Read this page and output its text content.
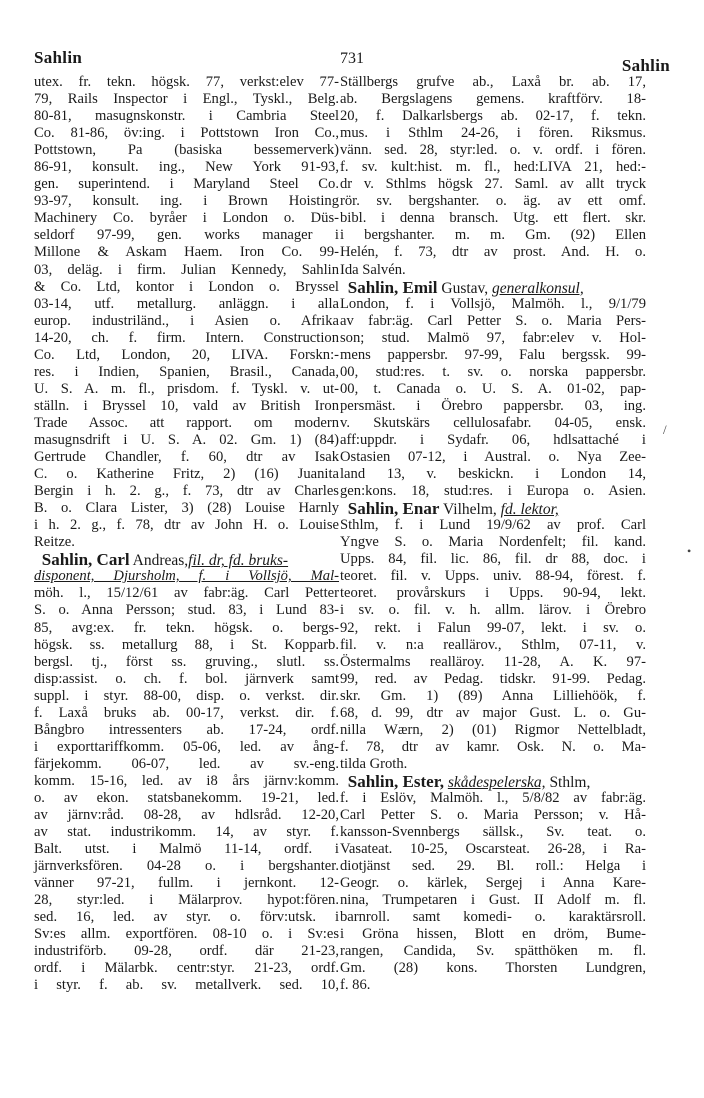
Sahlin	731	Sahlin
utex. fr. tekn. högsk. 77, verkst:elev 77-
79, Rails Inspector i Engl., Tyskl., Belg.
80-81, masugnskonstr. i Cambria Steel
Co. 81-86, öv:ing. i Pottstown Iron Co.,
Pottstown, Pa (basiska bessemerverk)
86-91, konsult. ing., New York 91-93,
gen. superintend. i Maryland Steel Co.
93-97, konsult. ing. i Brown Hoisting
Machinery Co. byråer i London o. Düs-
seldorf 97-99, gen. works manager i
Millone & Askam Haem. Iron Co. 99-
03, deläg. i firm. Julian Kennedy, Sahlin
& Co. Ltd, kontor i London o. Bryssel
03-14, utf. metallurg. anläggn. i alla
europ. industriländ., i Asien o. Afrika
14-20, ch. f. firm. Intern. Construction
Co. Ltd, London, 20, LIVA. Forskn:-
res. i Indien, Spanien, Brasil., Canada,
U. S. A. m. fl., prisdom. f. Tyskl. v. ut-
ställn. i Bryssel 10, vald av British Iron
Trade Assoc. att rapport. om modern
masugnsdrift i U. S. A. 02. Gm. 1) (84)
Gertrude Chandler, f. 60, dtr av Isak
C. o. Katherine Fritz, 2) (16) Juanita
Bergin i h. 2. g., f. 73, dtr av Charles
B. o. Clara Lister, 3) (28) Louise Harnly
i h. 2. g., f. 78, dtr av John H. o. Louise
Reitze.
Sahlin, Carl Andreas,fil. dr, fd. bruks-
disponent, Djursholm, f. i Vollsjö, Mal-
möh. l., 15/12/61 av fabr:äg. Carl Petter
S. o. Anna Persson; stud. 83, i Lund 83-
85, avg:ex. fr. tekn. högsk. o. bergs-
högsk. ss. metallurg 88, i St. Kopparb.
bergsl. tj., först ss. gruving., slutl. ss.
disp:assist. o. ch. f. bol. järnverk samt
suppl. i styr. 88-00, disp. o. verkst. dir.
f. Laxå bruks ab. 00-17, verkst. dir. f.
Bångbro intressenters ab. 17-24, ordf.
i exporttariffkomm. 05-06, led. av ång-
färjekomm. 06-07, led. av sv.-eng.
komm. 15-16, led. av i8 års järnv:komm.
o. av ekon. statsbanekomm. 19-21, led.
av järnv:råd. 08-28, av hdlsråd. 12-20,
av stat. industrikomm. 14, av styr. f.
Balt. utst. i Malmö 11-14, ordf. i
järnverksfören. 04-28 o. i bergshanter.
vänner 97-21, fullm. i jernkont. 12-
28, styr:led. i Mälarprov. hypot:fören.
sed. 16, led. av styr. o. förv:utsk. i
Sv:es allm. exportfören. 08-10 o. i Sv:es
industriförb. 09-28, ordf. där 21-23,
ordf. i Mälarbk. centr:styr. 21-23, ordf.
i styr. f. ab. sv. metallverk. sed. 10,
Ställbergs grufve ab., Laxå br. ab. 17,
ab. Bergslagens gemens. kraftförv. 18-
20, f. Dalkarlsbergs ab. 02-17, f. tekn.
mus. i Sthlm 24-26, i fören. Riksmus.
vänn. sed. 28, styr:led. o. v. ordf. i fören.
f. sv. kult:hist. m. fl., hed:LIVA 21, hed:-
dr v. Sthlms högsk 27. Saml. av allt tryck
rör. sv. bergshanter. o. äg. av ett omf.
bibl. i denna bransch. Utg. ett flert. skr.
i bergshanter. m. m. Gm. (92) Ellen
Helén, f. 73, dtr av prost. And. H. o.
Ida Salvén.
Sahlin, Emil Gustav, generalkonsul,
London, f. i Vollsjö, Malmöh. l., 9/1/79
av fabr:äg. Carl Petter S. o. Maria Pers-
son; stud. Malmö 97, fabr:elev v. Hol-
mens pappersbr. 97-99, Falu bergssk. 99-
00, stud:res. t. sv. o. norska pappersbr.
00, t. Canada o. U. S. A. 01-02, pap-
persmäst. i Örebro pappersbr. 03, ing.
v. Skutskärs cellulosafabr. 04-05, ensk.
aff:uppdr. i Sydafr. 06, hdlsattaché i
Ostasien 07-12, i Austral. o. Nya Zee-
land 13, v. beskickn. i London 14,
gen:kons. 18, stud:res. i Europa o. Asien.
Sahlin, Enar Vilhelm, fd. lektor,
Sthlm, f. i Lund 19/9/62 av prof. Carl
Yngve S. o. Maria Nordenfelt; fil. kand.
Upps. 84, fil. lic. 86, fil. dr 88, doc. i
teoret. fil. v. Upps. univ. 88-94, förest. f.
teoret. provårskurs i Upps. 90-94, lekt.
i sv. o. fil. v. h. allm. lärov. i Örebro
92, rekt. i Falun 99-07, lekt. i sv. o.
fil. v. n:a reallärov., Sthlm, 07-11, v.
Östermalms realläroy. 11-28, A. K. 97-
99, red. av Pedag. tidskr. 91-99. Pedag.
skr. Gm. 1) (89) Anna Lilliehöök, f.
68, d. 99, dtr av major Gust. L. o. Gu-
nilla Wærn, 2) (01) Rigmor Nettelbladt,
f. 78, dtr av kamr. Osk. N. o. Ma-
tilda Groth.
Sahlin, Ester, skådespelerska, Sthlm,
f. i Eslöv, Malmöh. l., 5/8/82 av fabr:äg.
Carl Petter S. o. Maria Persson; v. Hå-
kansson-Svennbergs sällsk., Sv. teat. o.
Vasateat. 10-25, Oscarsteat. 26-28, i Ra-
diotjänst sed. 29. Bl. roll.: Helga i
Geogr. o. kärlek, Sergej i Anna Kare-
nina, Trumpetaren i Gust. II Adolf m. fl.
barnroll. samt komedi- o. karaktärsroll.
i Gröna hissen, Blott en dröm, Bume-
rangen, Candida, Sv. spätthöken m. fl.
Gm. (28) kons. Thorsten Lundgren,
f. 86.
/
•
